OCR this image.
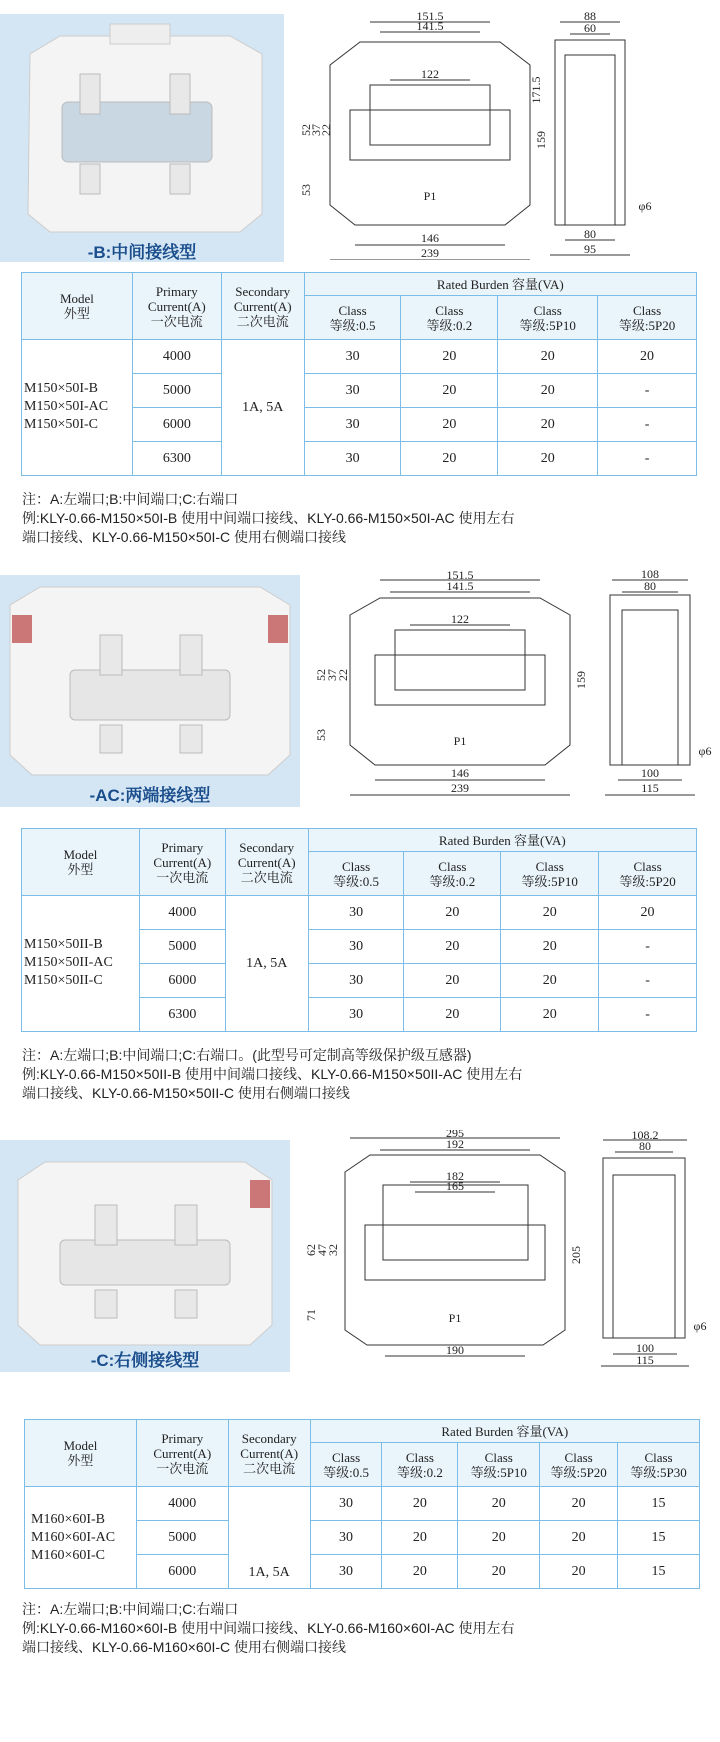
-B:中间接线型
151.5
141.5
122
52
37
22
53
159
171.5
146
239
88
60
80
95
φ6
P1
Model
外型	Primary
Current(A)
一次电流	Secondary
Current(A)
二次电流	Rated Burden 容量(VA)			
			Class
等级:0.5	Class
等级:0.2	Class
等级:5P10	Class
等级:5P20
M150×50I-B
M150×50I-AC
M150×50I-C	4000	1A, 5A	30	20	20	20
	5000		30	20	20	-
	6000		30	20	20	-
	6300		30	20	20	-
注：A:左端口;B:中间端口;C:右端口
例:KLY-0.66-M150×50I-B 使用中间端口接线、KLY-0.66-M150×50I-AC 使用左右
端口接线、KLY-0.66-M150×50I-C 使用右侧端口接线
-AC:两端接线型
151.5
141.5
122
52
37
22
53
159
146
239
108
80
100
115
φ6
P1
Model
外型	Primary
Current(A)
一次电流	Secondary
Current(A)
二次电流	Rated Burden 容量(VA)			
			Class
等级:0.5	Class
等级:0.2	Class
等级:5P10	Class
等级:5P20
M150×50II-B
M150×50II-AC
M150×50II-C	4000	1A, 5A	30	20	20	20
	5000		30	20	20	-
	6000		30	20	20	-
	6300		30	20	20	-
注：A:左端口;B:中间端口;C:右端口。(此型号可定制高等级保护级互感器)
例:KLY-0.66-M150×50II-B 使用中间端口接线、KLY-0.66-M150×50II-AC 使用左右
端口接线、KLY-0.66-M150×50II-C 使用右侧端口接线
-C:右侧接线型
295
192
182
165
62
47
32
71
205
190
108.2
80
100
115
φ6
P1
Model
外型	Primary
Current(A)
一次电流	Secondary
Current(A)
二次电流	Rated Burden 容量(VA)				
			Class
等级:0.5	Class
等级:0.2	Class
等级:5P10	Class
等级:5P20	Class
等级:5P30
M160×60I-B
M160×60I-AC
M160×60I-C	4000	1A, 5A	30	20	20	20	15
	5000		30	20	20	20	15
	6000		30	20	20	20	15
注：A:左端口;B:中间端口;C:右端口
例:KLY-0.66-M160×60I-B 使用中间端口接线、KLY-0.66-M160×60I-AC 使用左右
端口接线、KLY-0.66-M160×60I-C 使用右侧端口接线
